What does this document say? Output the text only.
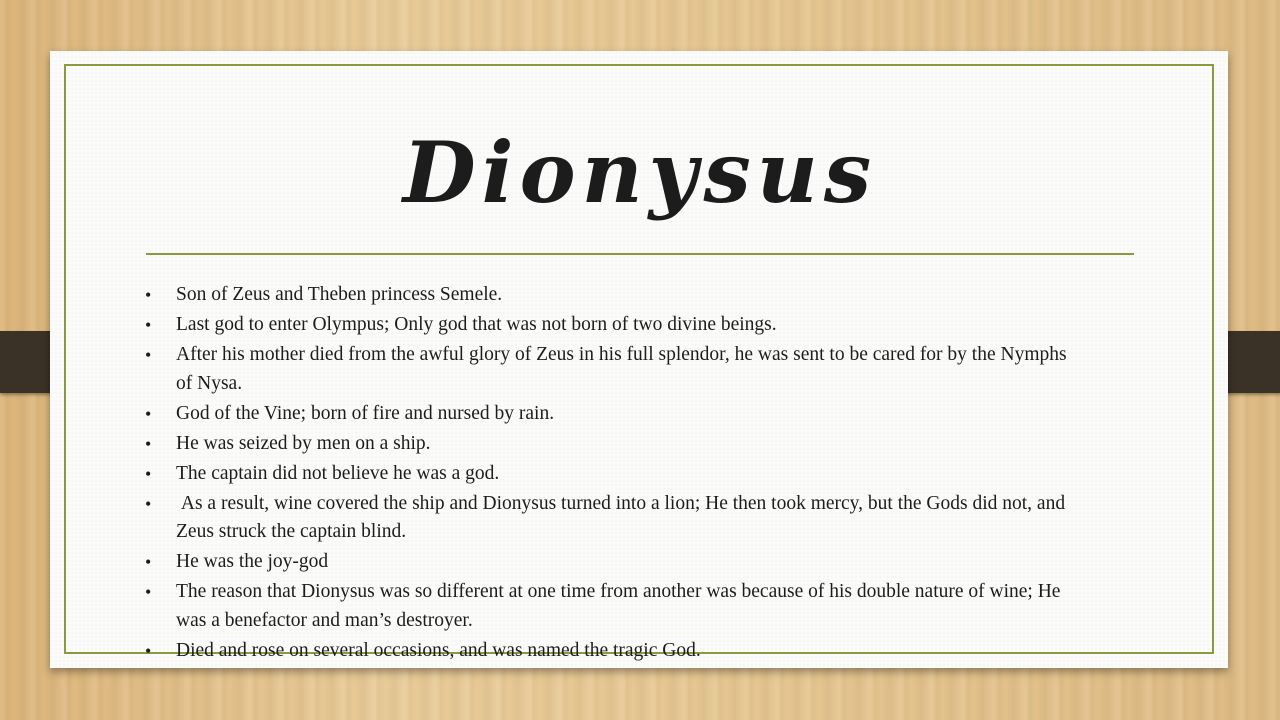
Dionysus
•	Son of Zeus and Theben princess Semele.
•	Last god to enter Olympus; Only god that was not born of two divine beings.
•	After his mother died from the awful glory of Zeus in his full splendor, he was sent to be cared for by the Nymphs of Nysa.
•	God of the Vine; born of fire and nursed by rain.
•	He was seized by men on a ship.
•	The captain did not believe he was a god.
•	As a result, wine covered the ship and Dionysus turned into a lion; He then took mercy, but the Gods did not, and Zeus struck the captain blind.
•	He was the joy-god
•	The reason that Dionysus was so different at one time from another was because of his double nature of wine; He was a benefactor and man’s destroyer.
•	Died and rose on several occasions, and was named the tragic God.
